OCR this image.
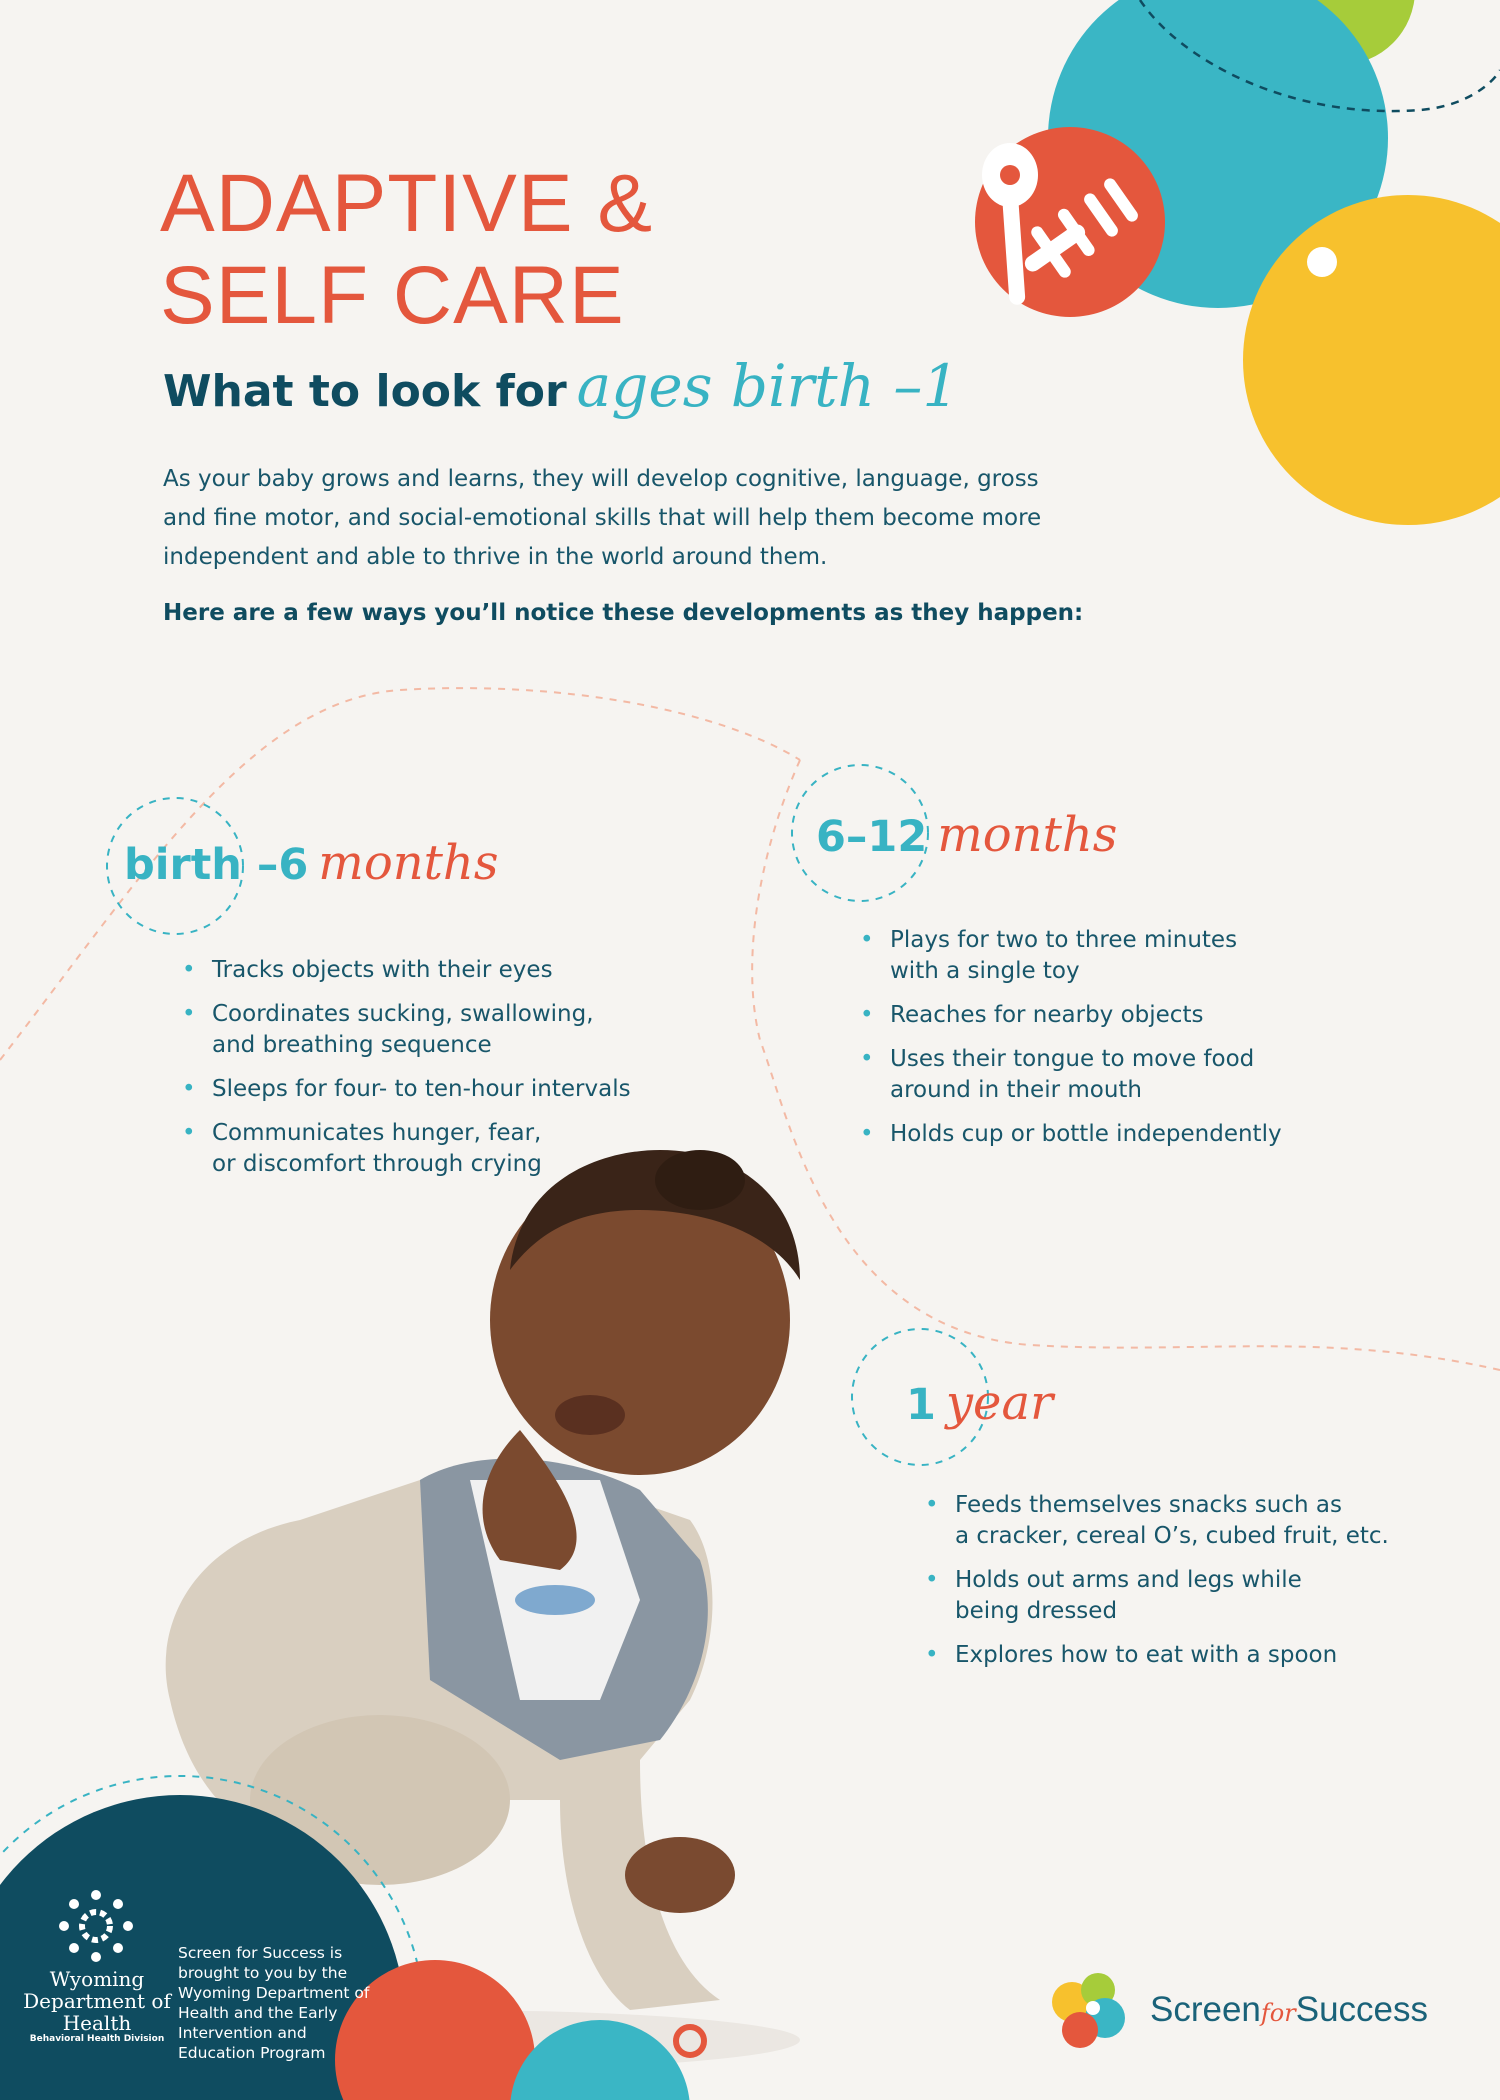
ADAPTIVE &
SELF CARE
What to look for ages birth –1

As your baby grows and learns, they will develop cognitive, language, gross and fine motor, and social-emotional skills that will help them become more independent and able to thrive in the world around them.

Here are a few ways you’ll notice these developments as they happen:

birth –6 months
• Tracks objects with their eyes
• Coordinates sucking, swallowing,
and breathing sequence
• Sleeps for four- to ten-hour intervals
• Communicates hunger, fear,
or discomfort through crying
6–12 months
• Plays for two to three minutes
with a single toy
• Reaches for nearby objects
• Uses their tongue to move food
around in their mouth
• Holds cup or bottle independently
1 year
• Feeds themselves snacks such as
a cracker, cereal O’s, cubed fruit, etc.
• Holds out arms and legs while
being dressed
• Explores how to eat with a spoon
Wyoming Department of Health
Behavioral Health Division

Screen for Success is brought to you by the Wyoming Department of Health and the Early Intervention and Education Program

ScreenforSuccess
